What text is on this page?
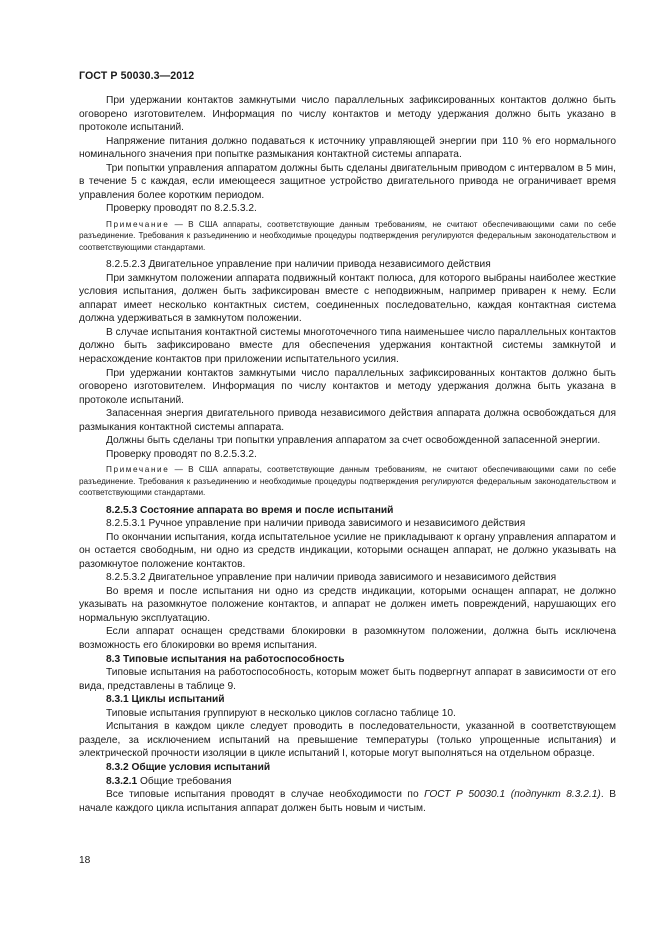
ГОСТ Р 50030.3—2012

При удержании контактов замкнутыми число параллельных зафиксированных контактов должно быть оговорено изготовителем. Информация по числу контактов и методу удержания должно быть указано в протоколе испытаний.

Напряжение питания должно подаваться к источнику управляющей энергии при 110 % его нормального номинального значения при попытке размыкания контактной системы аппарата.

Три попытки управления аппаратом должны быть сделаны двигательным приводом с интервалом в 5 мин, в течение 5 с каждая, если имеющееся защитное устройство двигательного привода не ограничивает время управления более коротким периодом.

Проверку проводят по 8.2.5.3.2.

Примечание — В США аппараты, соответствующие данным требованиям, не считают обеспечивающими сами по себе разъединение. Требования к разъединению и необходимые процедуры подтверждения регулируются федеральным законодательством и соответствующими стандартами.

8.2.5.2.3 Двигательное управление при наличии привода независимого действия

При замкнутом положении аппарата подвижный контакт полюса, для которого выбраны наиболее жесткие условия испытания, должен быть зафиксирован вместе с неподвижным, например приварен к нему. Если аппарат имеет несколько контактных систем, соединенных последовательно, каждая контактная система должна удерживаться в замкнутом положении.

В случае испытания контактной системы многоточечного типа наименьшее число параллельных контактов должно быть зафиксировано вместе для обеспечения удержания контактной системы замкнутой и нерасхождение контактов при приложении испытательного усилия.

При удержании контактов замкнутыми число параллельных зафиксированных контактов должно быть оговорено изготовителем. Информация по числу контактов и методу удержания должна быть указана в протоколе испытаний.

Запасенная энергия двигательного привода независимого действия аппарата должна освобождаться для размыкания контактной системы аппарата.

Должны быть сделаны три попытки управления аппаратом за счет освобожденной запасенной энергии.

Проверку проводят по 8.2.5.3.2.

Примечание — В США аппараты, соответствующие данным требованиям, не считают обеспечивающими сами по себе разъединение. Требования к разъединению и необходимые процедуры подтверждения регулируются федеральным законодательством и соответствующими стандартами.

8.2.5.3 Состояние аппарата во время и после испытаний

8.2.5.3.1 Ручное управление при наличии привода зависимого и независимого действия

По окончании испытания, когда испытательное усилие не прикладывают к органу управления аппаратом и он остается свободным, ни одно из средств индикации, которыми оснащен аппарат, не должно указывать на разомкнутое положение контактов.

8.2.5.3.2 Двигательное управление при наличии привода зависимого и независимого действия

Во время и после испытания ни одно из средств индикации, которыми оснащен аппарат, не должно указывать на разомкнутое положение контактов, и аппарат не должен иметь повреждений, нарушающих его нормальную эксплуатацию.

Если аппарат оснащен средствами блокировки в разомкнутом положении, должна быть исключена возможность его блокировки во время испытания.

8.3 Типовые испытания на работоспособность

Типовые испытания на работоспособность, которым может быть подвергнут аппарат в зависимости от его вида, представлены в таблице 9.

8.3.1 Циклы испытаний

Типовые испытания группируют в несколько циклов согласно таблице 10.

Испытания в каждом цикле следует проводить в последовательности, указанной в соответствующем разделе, за исключением испытаний на превышение температуры (только упрощенные испытания) и электрической прочности изоляции в цикле испытаний I, которые могут выполняться на отдельном образце.

8.3.2 Общие условия испытаний

8.3.2.1 Общие требования

Все типовые испытания проводят в случае необходимости по ГОСТ Р 50030.1 (подпункт 8.3.2.1). В начале каждого цикла испытания аппарат должен быть новым и чистым.

18
